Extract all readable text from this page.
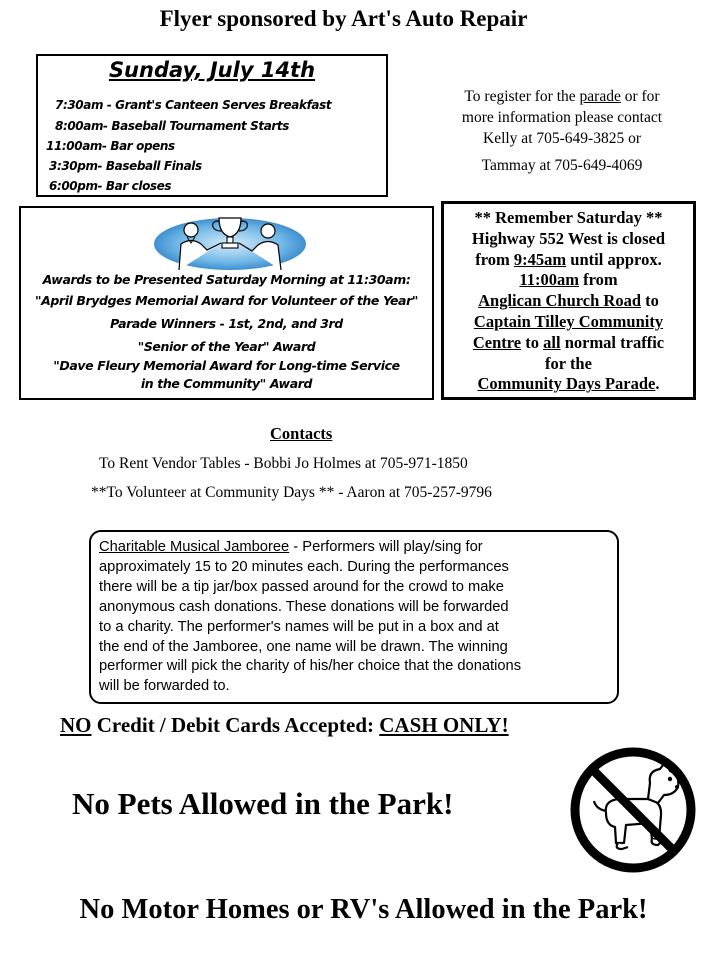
Flyer sponsored by Art's Auto Repair
Sunday, July 14th
7:30am - Grant's Canteen Serves Breakfast
8:00am- Baseball Tournament Starts
11:00am- Bar opens
3:30pm- Baseball Finals
6:00pm- Bar closes
To register for the parade or for
more information please contact
Kelly at 705-649-3825 or
Tammay at 705-649-4069
Awards to be Presented Saturday Morning at 11:30am:
"April Brydges Memorial Award for Volunteer of the Year"
Parade Winners - 1st, 2nd, and 3rd
"Senior of the Year" Award
"Dave Fleury Memorial Award for Long-time Service
in the Community" Award
** Remember Saturday **
Highway 552 West is closed
from 9:45am until approx.
11:00am from
Anglican Church Road to
Captain Tilley Community
Centre to all normal traffic
for the
Community Days Parade.
Contacts
To Rent Vendor Tables - Bobbi Jo Holmes at 705-971-1850
**To Volunteer at Community Days ** - Aaron at 705-257-9796
Charitable Musical Jamboree - Performers will play/sing for
approximately 15 to 20 minutes each. During the performances
there will be a tip jar/box passed around for the crowd to make
anonymous cash donations. These donations will be forwarded
to a charity. The performer's names will be put in a box and at
the end of the Jamboree, one name will be drawn. The winning
performer will pick the charity of his/her choice that the donations
will be forwarded to.
NO Credit / Debit Cards Accepted: CASH ONLY!
No Pets Allowed in the Park!
No Motor Homes or RV's Allowed in the Park!
